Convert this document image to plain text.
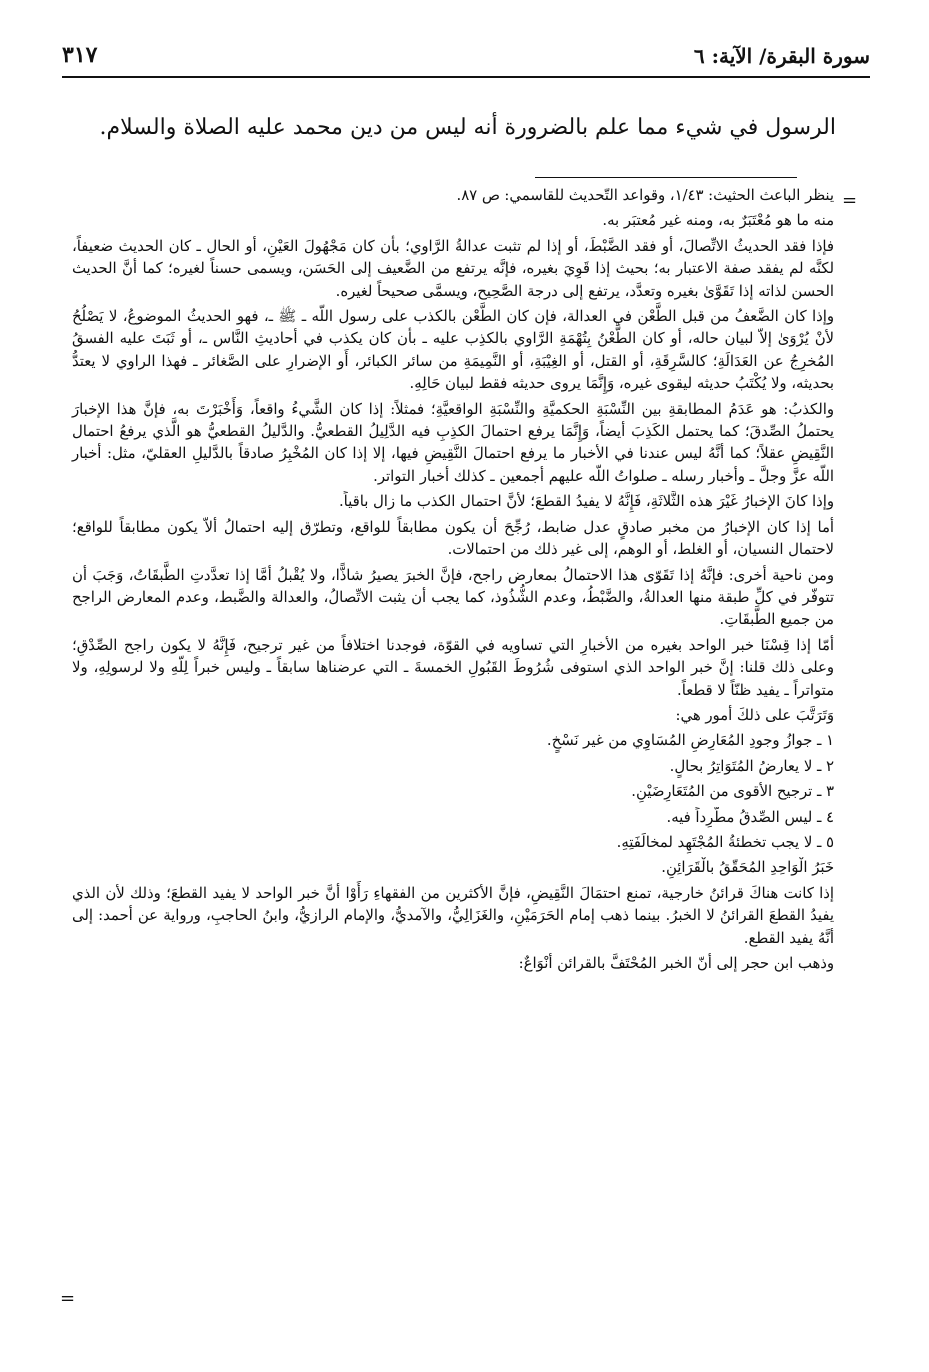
سورة البقرة/ الآية: ٦
٣١٧
الرسول في شيء مما علم بالضرورة أنه ليس من دين محمد عليه الصلاة والسلام.
=

ينظر الباعث الحثيث: ١/٤٣، وقواعد التّحديث للقاسمي: ص ٨٧.

منه ما هو مُعْتَبَرٌ به، ومنه غير مُعتبَر به.

فإذا فقد الحديثُ الاتِّصالَ، أو فقد الضَّبْطَ، أو إذا لم تثبت عدالةُ الرَّاوي؛ بأن كان مَجْهُولَ العَيْنِ، أو الحال ـ كان الحديث ضعيفاً، لكنَّه لم يفقد صفة الاعتبار به؛ بحيث إذا قَوِيَ بغيره، فإنَّه يرتفع من الضَّعيف إلى الحَسَن، ويسمى حسناً لغيره؛ كما أنَّ الحديث الحسن لذاته إذا تَقَوَّىٰ بغيره وتعدَّد، يرتفع إلى درجة الصَّحِيح، ويسمَّى صحيحاً لغيره.

وإذا كان الضَّعفُ من قبل الطَّعْن في العدالة، فإن كان الطَّعْن بالكذب على رسول اللّه ـ ﷺ ـ، فهو الحديثُ الموضوعُ، لا يَصْلُحُ لأنْ يُرْوَىٰ إلاّ لبيان حاله، أو كان الطَّعْنُ بِتُهْمَةِ الرَّاوي بالكذِب عليه ـ بأن كان يكذب في أحاديثِ النَّاس ـ، أو ثَبَتَ عليه الفسقُ المُخرِجُ عن العَدَالَةِ؛ كالسَّرِقَةِ، أو القتل، أو الغِيْبَةِ، أو النَّمِيمَةِ من سائر الكبائر، أَو الإضرارِ على الصَّغائر ـ فهذا الراوي لا يعتدُّ بحديثه، ولا يُكْتَبُ حديثه ليقوى غيره، وَإِنَّمَا يروى حديثه فقط لبيان حَالِهِ.

والكذبُ: هو عَدَمُ المطابقةِ بين النِّسْبَةِ الحكميَّةِ والنِّسْبَةِ الواقعيَّةِ؛ فمثلاً: إذا كان الشَّيءُ واقعاً، وَأَخْبَرْتَ به، فإنَّ هذا الإخبارَ يحتملُ الصِّدقَ؛ كما يحتمل الكَذِبَ أيضاً، وَإِنَّمَا يرفع احتمالَ الكذِبِ فيه الدَّلِيلُ القطعيُّ. والدَّليلُ القطعيُّ هو الَّذي يرفعُ احتمال النَّقِيضِ عقلاً؛ كما أنَّهُ ليس عندنا في الأخبار ما يرفع احتمالَ النَّقِيضِ فيها، إلا إذا كان المُخْبِرُ صادقاً بالدَّليلِ العقليّ، مثل: أخبار اللّه عزَّ وجلَّ ـ وأخبار رسله ـ صلواتُ اللّه عليهم أجمعين ـ كذلك أخبار التواتر.

وإذا كانَ الإخبارُ غَيْرَ هذه الثَّلاثَةِ، فَإِنَّهُ لا يفيدُ القطعَ؛ لأنَّ احتمال الكذب ما زال باقياً.

أما إذا كان الإخبارُ من مخبر صادقٍ عدل ضابط، رُجِّحَ أن يكون مطابقاً للواقع، وتطرّق إليه احتمالُ ألاّ يكون مطابقاً للواقع؛ لاحتمال النسيان، أو الغلط، أو الوهم، إلى غير ذلك من احتمالات.

ومن ناحية أخرى: فإنَّهُ إذا تَقَوّى هذا الاحتمالُ بمعارض راجح، فإنَّ الخبرَ يصيرُ شاذًّا، ولا يُقْبلُ أمَّا إذا تعدَّدتِ الطَّبقَاتُ، وَجَبَ أن تتوفّر في كلِّ طبقة منها العدالةُ، والضَّبْطُ، وعدم الشُّذُوذ، كما يجب أن يثبت الاتِّصالُ، والعدالة والضَّبط، وعدم المعارض الراجح من جميع الطَّبقَاتِ.

أمّا إذا قِسْنَا خبر الواحد بغيره من الأخبارِ التي تساويه في القوّة، فوجدنا اختلافاً من غير ترجيح، فَإِنَّهُ لا يكون راجح الصِّدْقِ؛ وعلى ذلك قلنا: إنَّ خبر الواحد الذي استوفى شُرُوطَ القَبُولِ الخمسةَ ـ التي عرضناها سابقاً ـ وليس خبراً لِلّهِ ولا لرسولِهِ، ولا متواتراً ـ يفيد ظنّاً لا قطعاً.

وَتَرَتَّبَ على ذلكَ أمور هي:

١ ـ جوازُ وجودِ المُعَارِضِ المُسَاوِي من غير نَسْخٍ.

٢ ـ لا يعارضُ المُتَوَاتِرُ بحالٍ.

٣ ـ ترجيح الأقوى من المُتَعَارِضَيْنِ.

٤ ـ ليس الصِّدقُ مطَّرِداً فيه.

٥ ـ لا يجب تخطئةُ المُجْتَهِد لمخالَفَتِهِ.

خَبَرُ الْوَاحِدِ المُحَقّقُ بالْقَرَائِنِ.

إذا كانت هناكَ قرائنُ خارجية، تمنع احتمَالَ النَّقِيضِ، فإنَّ الأكثرين من الفقهاءِ رَأَوْا أنَّ خبر الواحد لا يفيد القطعَ؛ وذلك لأن الذي يفيدُ القطعَ القرائنُ لا الخبرُ. بينما ذهب إمام الحَرَمَيْنِ، والغَزَالِيُّ، والآمديُّ، والإمام الرازيُّ، وابنُ الحاجبِ، ورواية عن أحمد: إلى أنَّهُ يفيد القطع.

وذهب ابن حجر إلى أنّ الخبر المُحْتَفَّ بالقرائن أَنْوَاعٌ:

=
